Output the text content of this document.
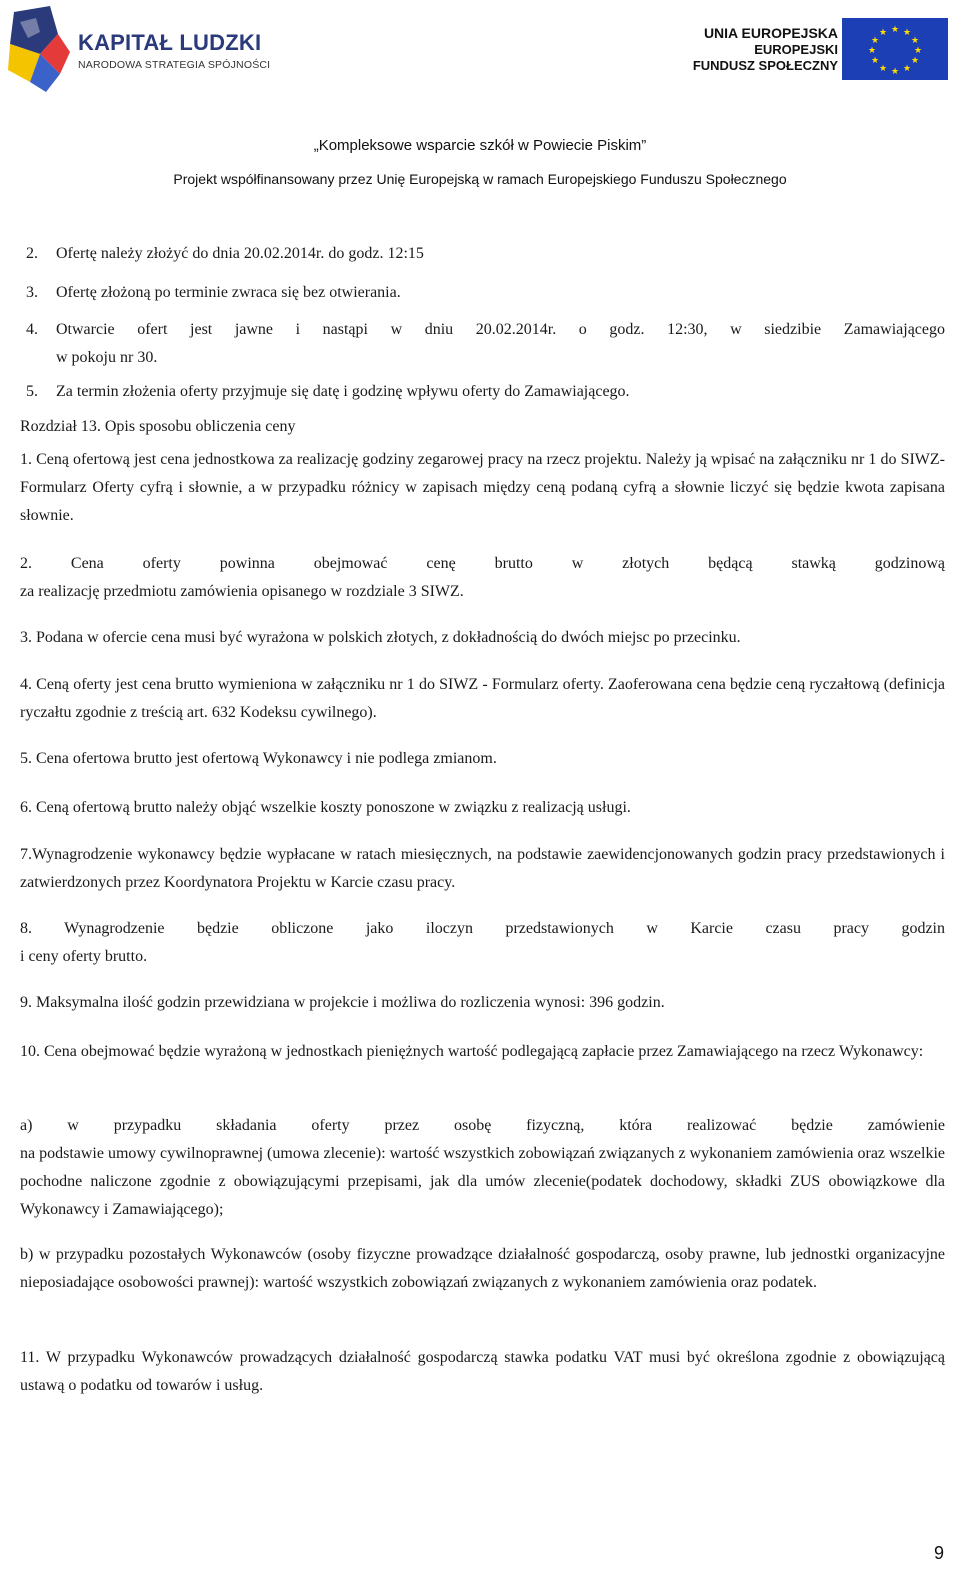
KAPITAŁ LUDZKI
NARODOWA STRATEGIA SPÓJNOŚCI
UNIA EUROPEJSKA
EUROPEJSKI
FUNDUSZ SPOŁECZNY
★ ★
★
★
★
★
★
★
★
★
★
★
„Kompleksowe wsparcie szkół w Powiecie Piskim”
Projekt współfinansowany przez Unię Europejską w ramach Europejskiego Funduszu Społecznego
2. Ofertę należy złożyć do dnia 20.02.2014r. do godz. 12:15
3. Ofertę złożoną po terminie zwraca się bez otwierania.
4. Otwarcie ofert jest jawne i nastąpi w dniu 20.02.2014r. o godz. 12:30, w siedzibie Zamawiającego
w pokoju nr 30.
5. Za termin złożenia oferty przyjmuje się datę i godzinę wpływu oferty do Zamawiającego.
Rozdział 13. Opis sposobu obliczenia ceny
1. Ceną ofertową jest cena jednostkowa za realizację godziny zegarowej pracy na rzecz projektu. Należy ją wpisać na załączniku nr 1 do SIWZ- Formularz Oferty cyfrą i słownie, a w przypadku różnicy w zapisach między ceną podaną cyfrą a słownie liczyć się będzie kwota zapisana słownie.
2. Cena oferty powinna obejmować cenę brutto w złotych będącą stawką godzinową
za realizację przedmiotu zamówienia opisanego w rozdziale 3 SIWZ.
3. Podana w ofercie cena musi być wyrażona w polskich złotych, z dokładnością do dwóch miejsc po przecinku.
4. Ceną oferty jest cena brutto wymieniona w załączniku nr 1 do SIWZ - Formularz oferty. Zaoferowana cena będzie ceną ryczałtową (definicja ryczałtu zgodnie z treścią art. 632 Kodeksu cywilnego).
5. Cena ofertowa brutto jest ofertową Wykonawcy i nie podlega zmianom.
6. Ceną ofertową brutto należy objąć wszelkie koszty ponoszone w związku z realizacją usługi.
7.Wynagrodzenie wykonawcy będzie wypłacane w ratach miesięcznych, na podstawie zaewidencjonowanych godzin pracy przedstawionych i zatwierdzonych przez Koordynatora Projektu w Karcie czasu pracy.
8. Wynagrodzenie będzie obliczone jako iloczyn przedstawionych w Karcie czasu pracy godzin
i ceny oferty brutto.
9. Maksymalna ilość godzin przewidziana w projekcie i możliwa do rozliczenia wynosi: 396 godzin.
10. Cena obejmować będzie wyrażoną w jednostkach pieniężnych wartość podlegającą zapłacie przez Zamawiającego na rzecz Wykonawcy:
a) w przypadku składania oferty przez osobę fizyczną, która realizować będzie zamówienie
na podstawie umowy cywilnoprawnej (umowa zlecenie): wartość wszystkich zobowiązań związanych z wykonaniem zamówienia oraz wszelkie pochodne naliczone zgodnie z obowiązującymi przepisami, jak dla umów zlecenie(podatek dochodowy, składki ZUS obowiązkowe dla Wykonawcy i Zamawiającego);
b) w przypadku pozostałych Wykonawców (osoby fizyczne prowadzące działalność gospodarczą, osoby prawne, lub jednostki organizacyjne nieposiadające osobowości prawnej): wartość wszystkich zobowiązań związanych z wykonaniem zamówienia oraz podatek.
11. W przypadku Wykonawców prowadzących działalność gospodarczą stawka podatku VAT musi być określona zgodnie z obowiązującą ustawą o podatku od towarów i usług.
9
